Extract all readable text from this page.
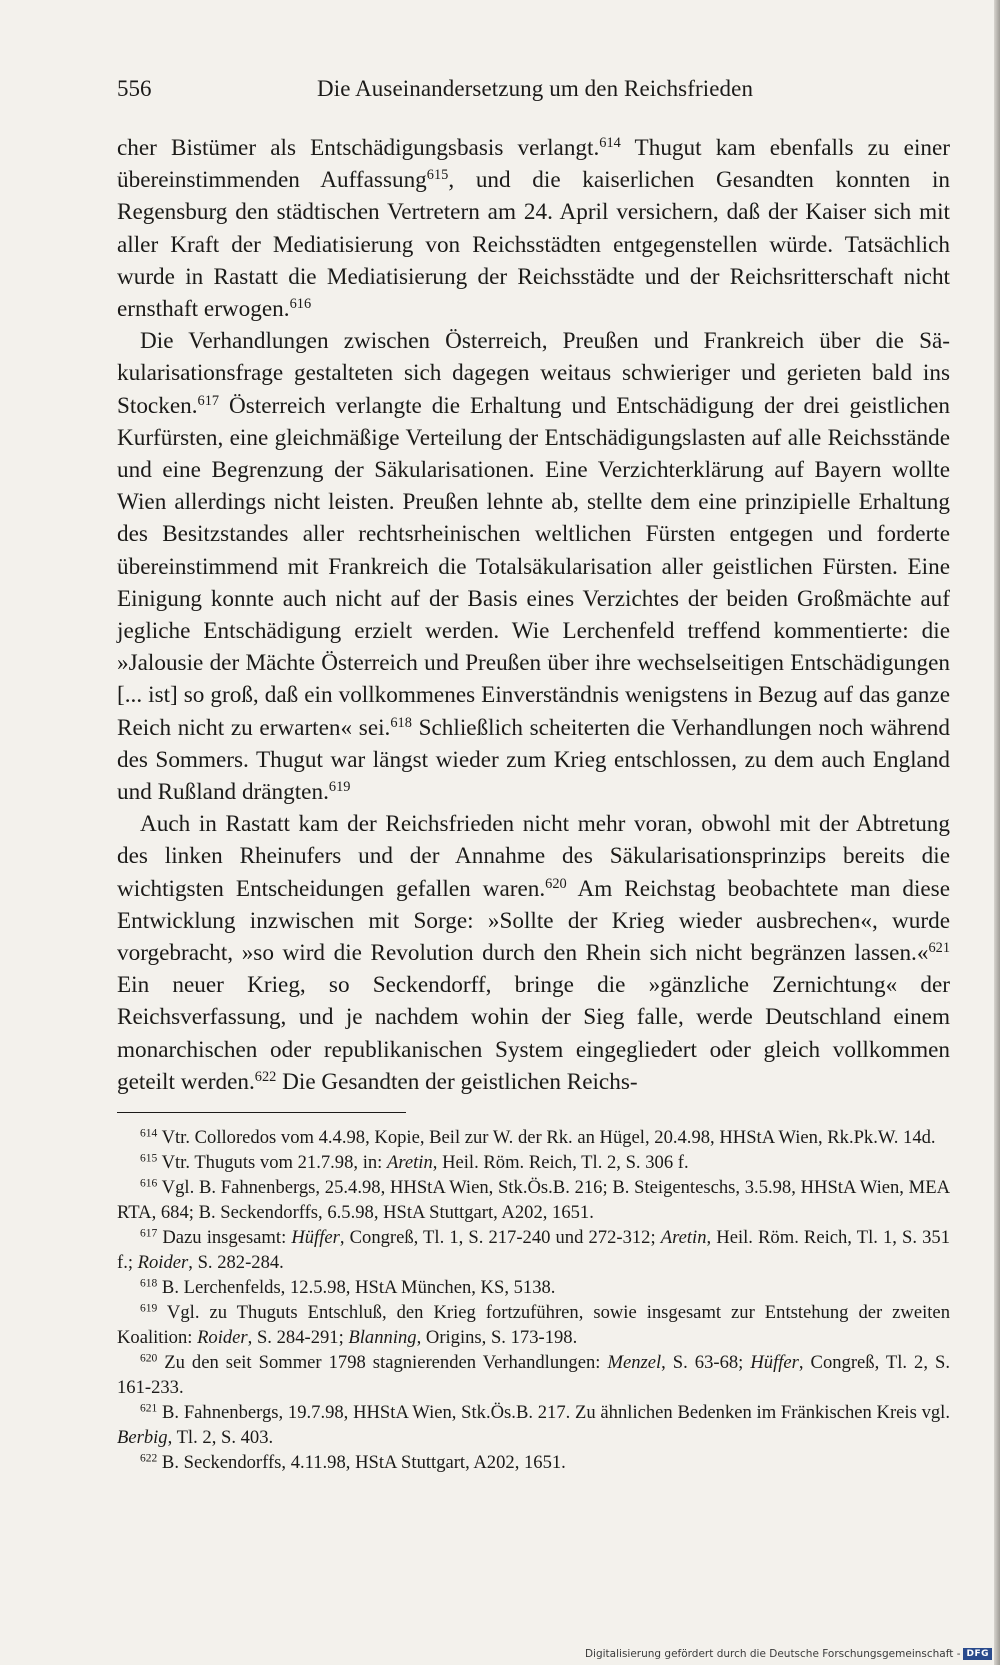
556	Die Auseinandersetzung um den Reichsfrieden

cher Bistümer als Entschädigungsbasis verlangt.$^{614}$ Thugut kam ebenfalls zu einer übereinstimmenden Auffassung$^{615}$, und die kaiserlichen Gesandten konnten in Regensburg den städtischen Vertretern am 24. April versichern, daß der Kaiser sich mit aller Kraft der Mediatisierung von Reichsstädten entgegenstellen würde. Tatsächlich wurde in Rastatt die Mediatisierung der Reichsstädte und der Reichsritterschaft nicht ernsthaft erwogen.$^{616}$

Die Verhandlungen zwischen Österreich, Preußen und Frankreich über die Säkularisationsfrage gestalteten sich dagegen weitaus schwieriger und gerieten bald ins Stocken.$^{617}$ Österreich verlangte die Erhaltung und Entschädigung der drei geistlichen Kurfürsten, eine gleichmäßige Verteilung der Entschädigungslasten auf alle Reichsstände und eine Begrenzung der Säkularisationen. Eine Verzichterklärung auf Bayern wollte Wien allerdings nicht leisten. Preußen lehnte ab, stellte dem eine prinzipielle Erhaltung des Besitzstandes aller rechtsrheinischen weltlichen Fürsten entgegen und forderte übereinstimmend mit Frankreich die Totalsäkularisation aller geistlichen Fürsten. Eine Einigung konnte auch nicht auf der Basis eines Verzichtes der beiden Großmächte auf jegliche Entschädigung erzielt werden. Wie Lerchenfeld treffend kommentierte: die »Jalousie der Mächte Österreich und Preußen über ihre wechselseitigen Entschädigungen [... ist] so groß, daß ein vollkommenes Einverständnis wenigstens in Bezug auf das ganze Reich nicht zu erwarten« sei.$^{618}$ Schließlich scheiterten die Verhandlungen noch während des Sommers. Thugut war längst wieder zum Krieg entschlossen, zu dem auch England und Rußland drängten.$^{619}$

Auch in Rastatt kam der Reichsfrieden nicht mehr voran, obwohl mit der Abtretung des linken Rheinufers und der Annahme des Säkularisationsprinzips bereits die wichtigsten Entscheidungen gefallen waren.$^{620}$ Am Reichstag beobachtete man diese Entwicklung inzwischen mit Sorge: »Sollte der Krieg wieder ausbrechen«, wurde vorgebracht, »so wird die Revolution durch den Rhein sich nicht begränzen lassen.«$^{621}$ Ein neuer Krieg, so Seckendorff, bringe die »gänzliche Zernichtung« der Reichsverfassung, und je nachdem wohin der Sieg falle, werde Deutschland einem monarchischen oder republikanischen System eingegliedert oder gleich vollkommen geteilt werden.$^{622}$ Die Gesandten der geistlichen Reichs-

$^{614}$ Vtr. Colloredos vom 4.4.98, Kopie, Beil zur W. der Rk. an Hügel, 20.4.98, HHStA Wien, Rk.Pk.W. 14d.

$^{615}$ Vtr. Thuguts vom 21.7.98, in: Aretin, Heil. Röm. Reich, Tl. 2, S. 306 f.

$^{616}$ Vgl. B. Fahnenbergs, 25.4.98, HHStA Wien, Stk.Ös.B. 216; B. Steigenteschs, 3.5.98, HHStA Wien, MEA RTA, 684; B. Seckendorffs, 6.5.98, HStA Stuttgart, A202, 1651.

$^{617}$ Dazu insgesamt: Hüffer, Congreß, Tl. 1, S. 217-240 und 272-312; Aretin, Heil. Röm. Reich, Tl. 1, S. 351 f.; Roider, S. 282-284.

$^{618}$ B. Lerchenfelds, 12.5.98, HStA München, KS, 5138.

$^{619}$ Vgl. zu Thuguts Entschluß, den Krieg fortzuführen, sowie insgesamt zur Entstehung der zweiten Koalition: Roider, S. 284-291; Blanning, Origins, S. 173-198.

$^{620}$ Zu den seit Sommer 1798 stagnierenden Verhandlungen: Menzel, S. 63-68; Hüffer, Congreß, Tl. 2, S. 161-233.

$^{621}$ B. Fahnenbergs, 19.7.98, HHStA Wien, Stk.Ös.B. 217. Zu ähnlichen Bedenken im Fränkischen Kreis vgl. Berbig, Tl. 2, S. 403.

$^{622}$ B. Seckendorffs, 4.11.98, HStA Stuttgart, A202, 1651.

Digitalisierung gefördert durch die Deutsche Forschungsgemeinschaft - DFG
